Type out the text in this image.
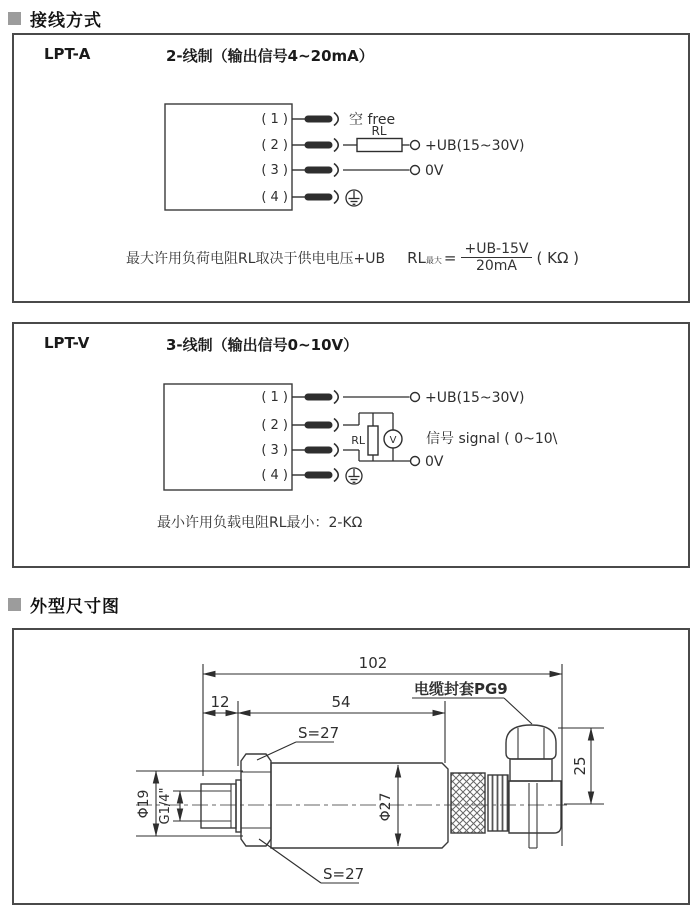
接线方式
LPT-A	2-线制（输出信号4~20mA）
( 1 )
( 2 )
( 3 )
( 4 )
空 free
RL
+UB(15~30V)
0V
最大许用负荷电阻RL取决于供电电压+UB RL 最大 = $\frac{+UB-15V}{20mA}$ ( KΩ )
LPT-V	3-线制（输出信号0~10V）
( 1 )
( 2 )
( 3 )
( 4 )
+UB(15~30V)
RL V 信号 signal ( 0~10\
0V
最小许用负载电阻RL最小：2-KΩ
外型尺寸图
102
12	54
电缆封套PG9
25
Φ19 G1/4"	Φ27
S=27
S=27
